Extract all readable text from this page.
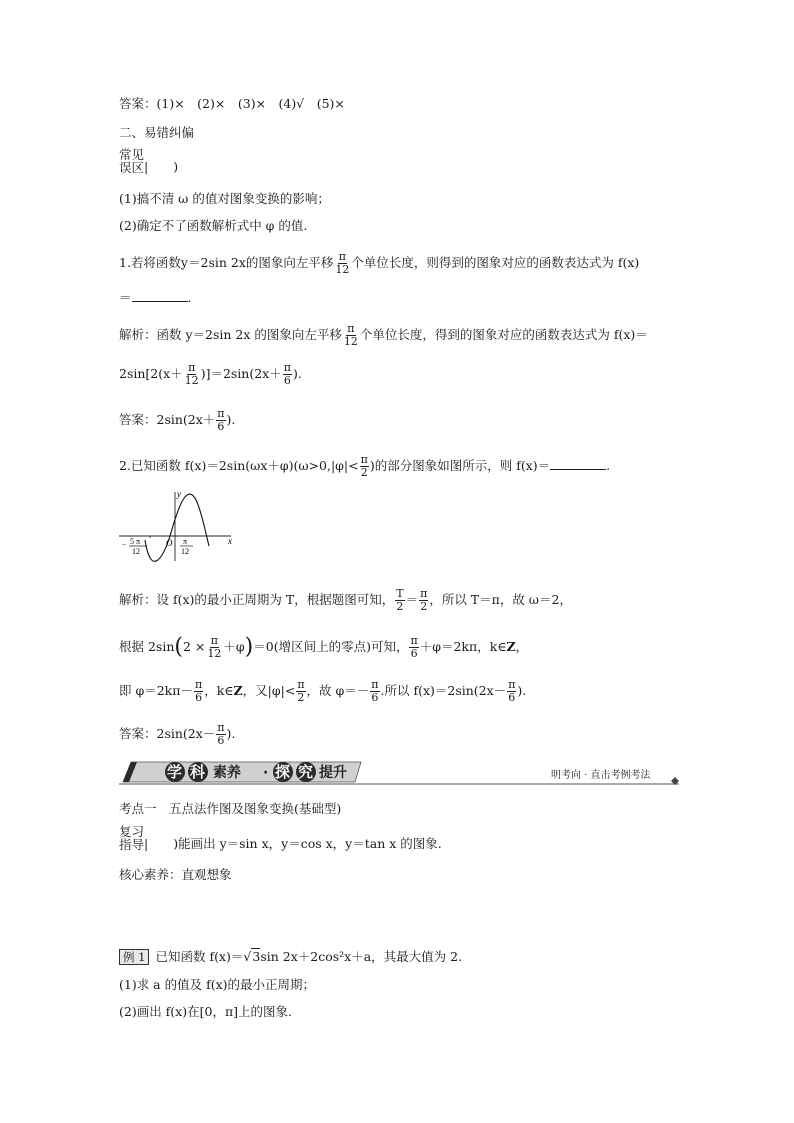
答案：(1)×　(2)×　(3)×　(4)√　(5)×
二、易错纠偏
常见
误区|　　)
(1)搞不清 ω 的值对图象变换的影响；
(2)确定不了函数解析式中 φ 的值.
1.若将函数y＝2sin 2x的图象向左平移 $\frac{\pi}{12}$ 个单位长度，则得到的图象对应的函数表达式为 f(x)
＝	.
解析：函数 y＝2sin 2x 的图象向左平移 $\frac{\pi}{12}$ 个单位长度，得到的图象对应的函数表达式为 f(x)＝
$2\sin[2(x+ \frac{\pi}{12} )]=2\sin(2x+ \frac{\pi}{6}$ ).
答案：$2\sin(2x+ \frac{\pi}{6}$ ).
2.已知函数 $f(x)=2\sin(\omega x+\varphi)(\omega>0,|\varphi|< \frac{\pi}{2}$ )的部分图象如图所示，则 f(x)＝	.
y
x
O
− 5 π
12
π
12
解析：设 f(x)的最小正周期为 T，根据题图可知， $\frac{T}{2} = \frac{\pi}{2}$ ，所以 T＝π，故 ω＝2，
根据 $2\sin(2 \times \frac{\pi}{12} +\varphi)=0$(增区间上的零点)可知， $\frac{\pi}{6} +\varphi=2k\pi$，k∈Z，
即 $\varphi=2k\pi- \frac{\pi}{6}$ ，k∈Z，又$|\varphi|< \frac{\pi}{2}$ ，故 $\varphi=- \frac{\pi}{6}$ .所以 $f(x)=2\sin(2x- \frac{\pi}{6}$ ).
答案：$2\sin(2x- \frac{\pi}{6}$ ).
学 科 素养 · 探 究 提升	明考向 · 直击考例考法
考点一　五点法作图及图象变换(基础型)
复习
指导|　　)能画出 y＝sin x，y＝cos x，y＝tan x 的图象.
核心素养：直观想象
例 1 已知函数 f(x)＝√3sin 2x＋2cos²x＋a，其最大值为 2.
(1)求 a 的值及 f(x)的最小正周期；
(2)画出 f(x)在[0，π]上的图象.
